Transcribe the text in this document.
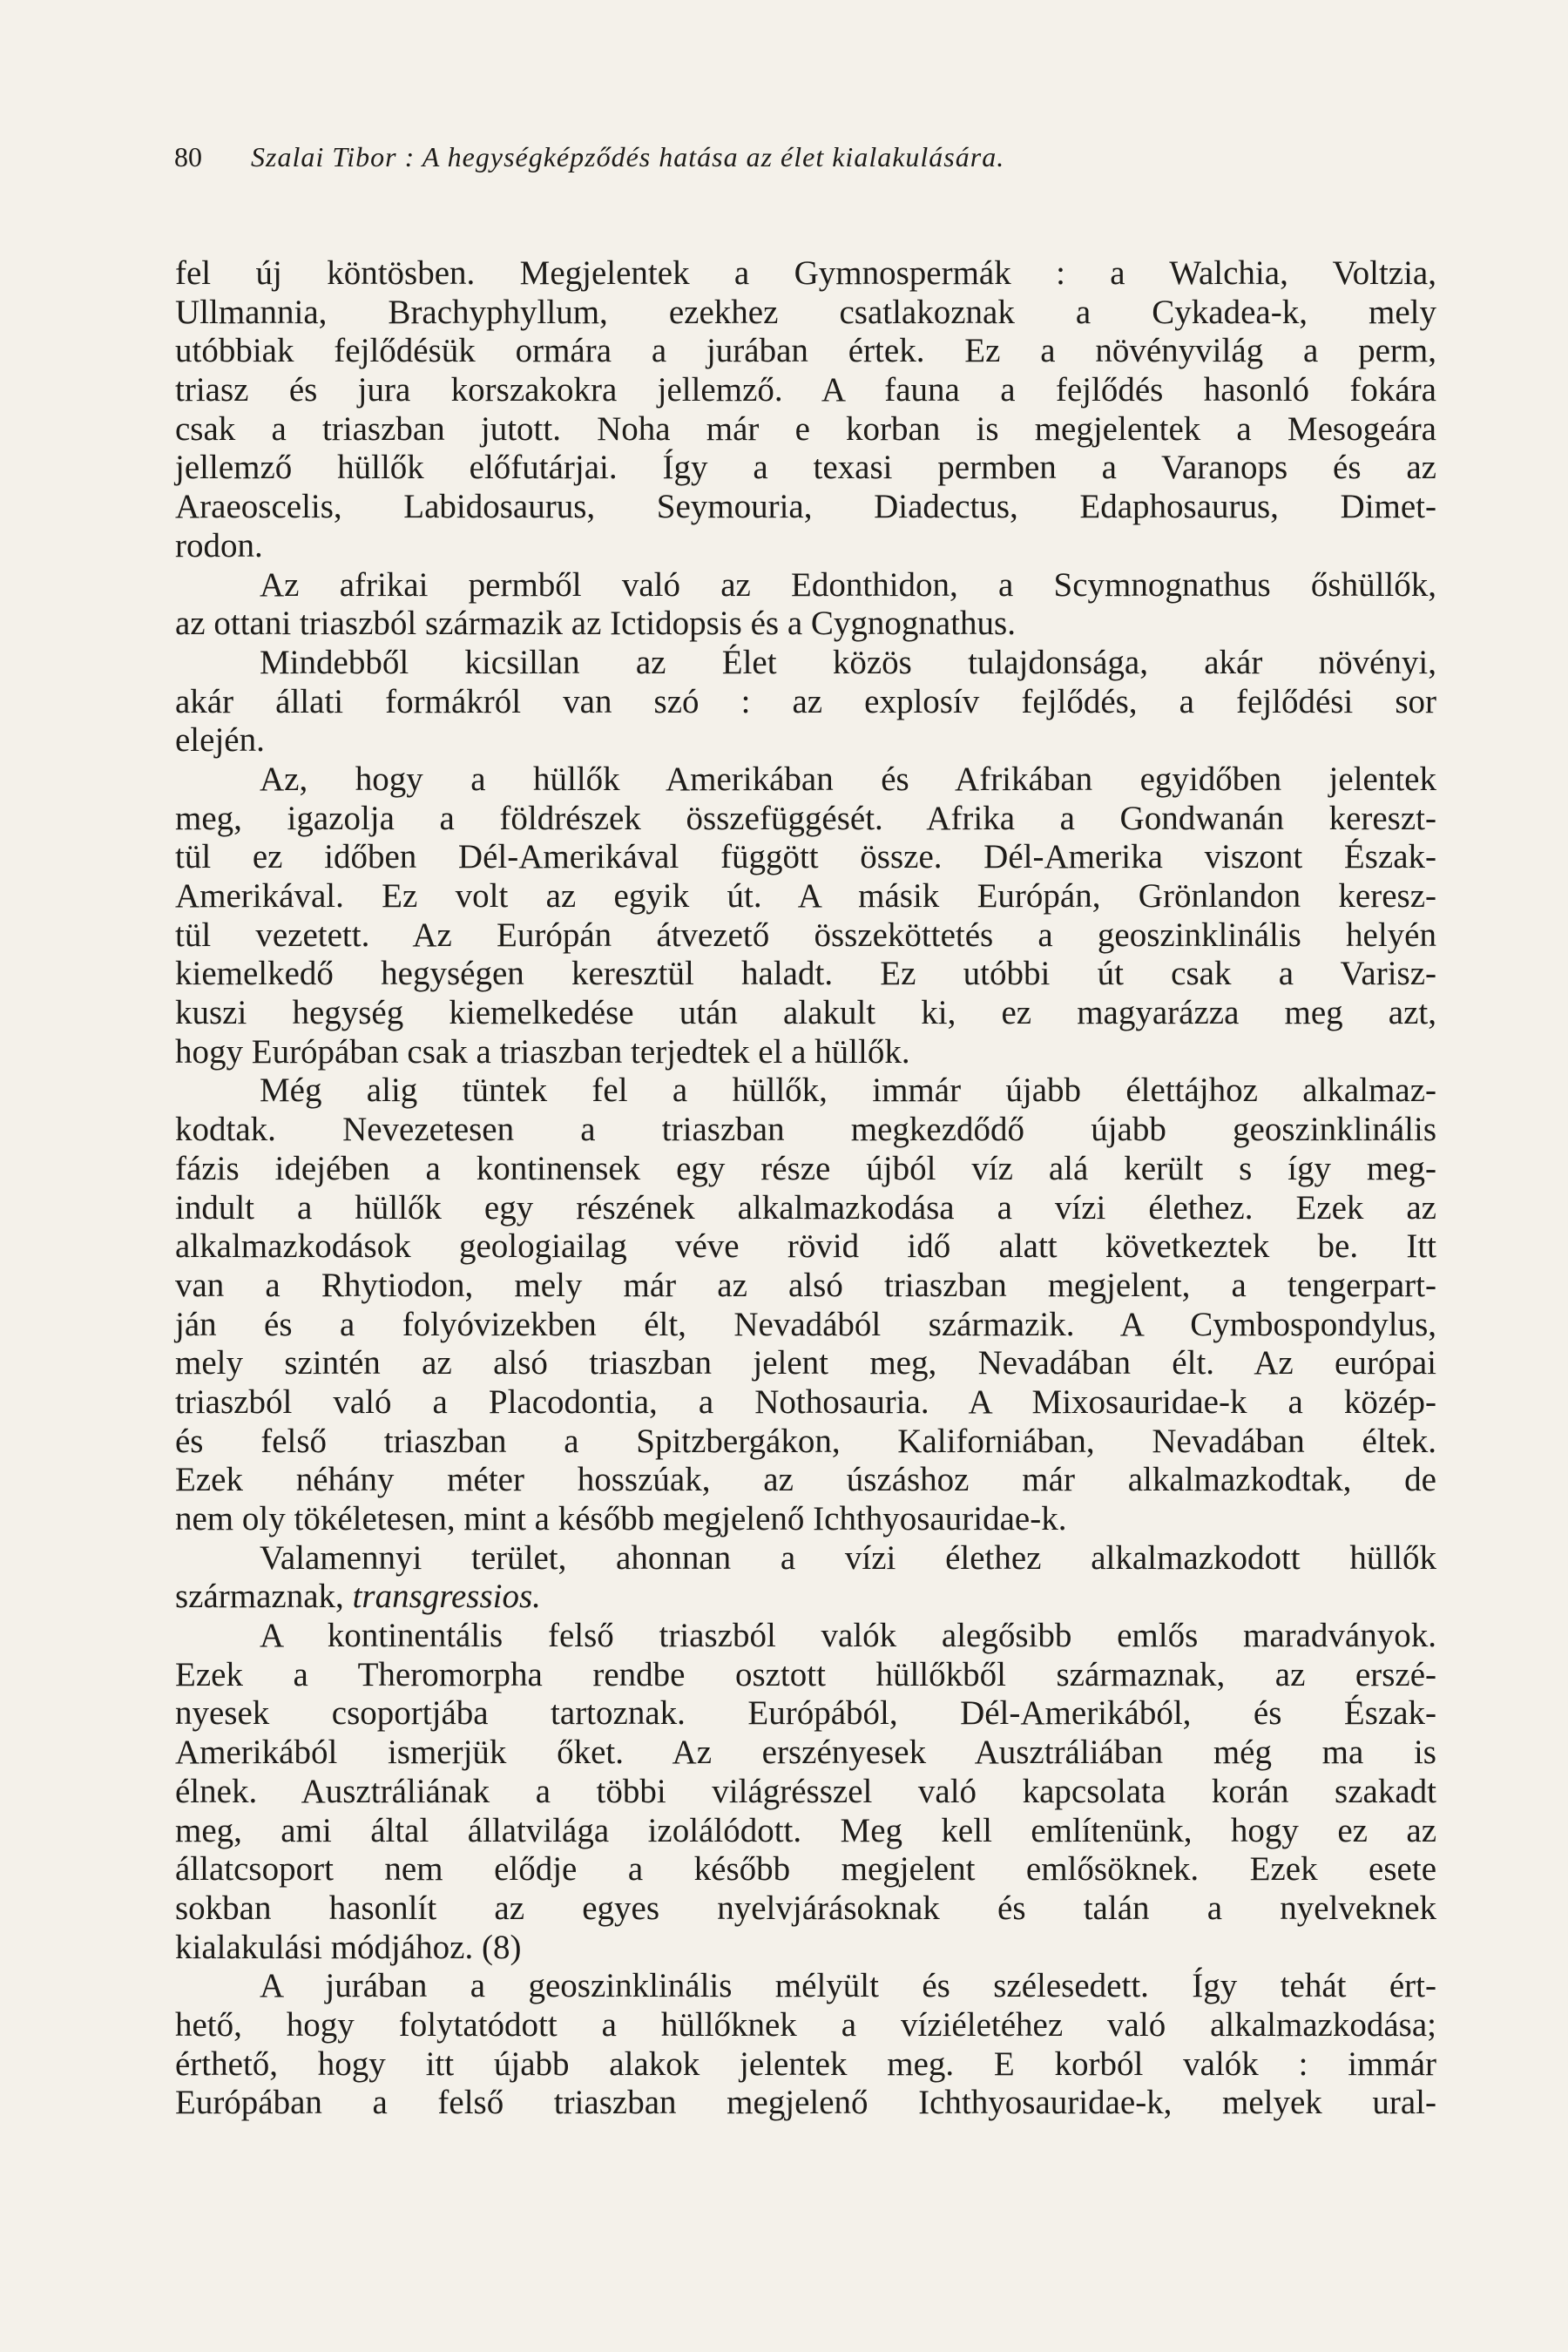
80 Szalai Tibor : A hegységképződés hatása az élet kialakulására.
fel új köntösben. Megjelentek a Gymnospermák : a Walchia, Voltzia,
Ullmannia, Brachyphyllum, ezekhez csatlakoznak a Cykadea-k, mely
utóbbiak fejlődésük ormára a jurában értek. Ez a növényvilág a perm,
triasz és jura korszakokra jellemző. A fauna a fejlődés hasonló fokára
csak a triaszban jutott. Noha már e korban is megjelentek a Mesogeára
jellemző hüllők előfutárjai. Így a texasi permben a Varanops és az
Araeoscelis, Labidosaurus, Seymouria, Diadectus, Edaphosaurus, Dimet-
rodon.
Az afrikai permből való az Edonthidon, a Scymnognathus őshüllők,
az ottani triaszból származik az Ictidopsis és a Cygnognathus.
Mindebből kicsillan az Élet közös tulajdonsága, akár növényi,
akár állati formákról van szó : az explosív fejlődés, a fejlődési sor
elején.
Az, hogy a hüllők Amerikában és Afrikában egyidőben jelentek
meg, igazolja a földrészek összefüggését. Afrika a Gondwanán kereszt-
tül ez időben Dél-Amerikával függött össze. Dél-Amerika viszont Észak-
Amerikával. Ez volt az egyik út. A másik Európán, Grönlandon keresz-
tül vezetett. Az Európán átvezető összeköttetés a geoszinklinális helyén
kiemelkedő hegységen keresztül haladt. Ez utóbbi út csak a Varisz-
kuszi hegység kiemelkedése után alakult ki, ez magyarázza meg azt,
hogy Európában csak a triaszban terjedtek el a hüllők.
Még alig tüntek fel a hüllők, immár újabb élettájhoz alkalmaz-
kodtak. Nevezetesen a triaszban megkezdődő újabb geoszinklinális
fázis idejében a kontinensek egy része újból víz alá került s így meg-
indult a hüllők egy részének alkalmazkodása a vízi élethez. Ezek az
alkalmazkodások geologiailag véve rövid idő alatt következtek be. Itt
van a Rhytiodon, mely már az alsó triaszban megjelent, a tengerpart-
ján és a folyóvizekben élt, Nevadából származik. A Cymbospondylus,
mely szintén az alsó triaszban jelent meg, Nevadában élt. Az európai
triaszból való a Placodontia, a Nothosauria. A Mixosauridae-k a közép-
és felső triaszban a Spitzbergákon, Kaliforniában, Nevadában éltek.
Ezek néhány méter hosszúak, az úszáshoz már alkalmazkodtak, de
nem oly tökéletesen, mint a később megjelenő Ichthyosauridae-k.
Valamennyi terület, ahonnan a vízi élethez alkalmazkodott hüllők
származnak, transgressios.
A kontinentális felső triaszból valók alegősibb emlős maradványok.
Ezek a Theromorpha rendbe osztott hüllőkből származnak, az erszé-
nyesek csoportjába tartoznak. Európából, Dél-Amerikából, és Észak-
Amerikából ismerjük őket. Az erszényesek Ausztráliában még ma is
élnek. Ausztráliának a többi világrésszel való kapcsolata korán szakadt
meg, ami által állatvilága izolálódott. Meg kell említenünk, hogy ez az
állatcsoport nem elődje a később megjelent emlősöknek. Ezek esete
sokban hasonlít az egyes nyelvjárásoknak és talán a nyelveknek
kialakulási módjához. (8)
A jurában a geoszinklinális mélyült és szélesedett. Így tehát ért-
hető, hogy folytatódott a hüllőknek a víziéletéhez való alkalmazkodása;
érthető, hogy itt újabb alakok jelentek meg. E korból valók : immár
Európában a felső triaszban megjelenő Ichthyosauridae-k, melyek ural-
